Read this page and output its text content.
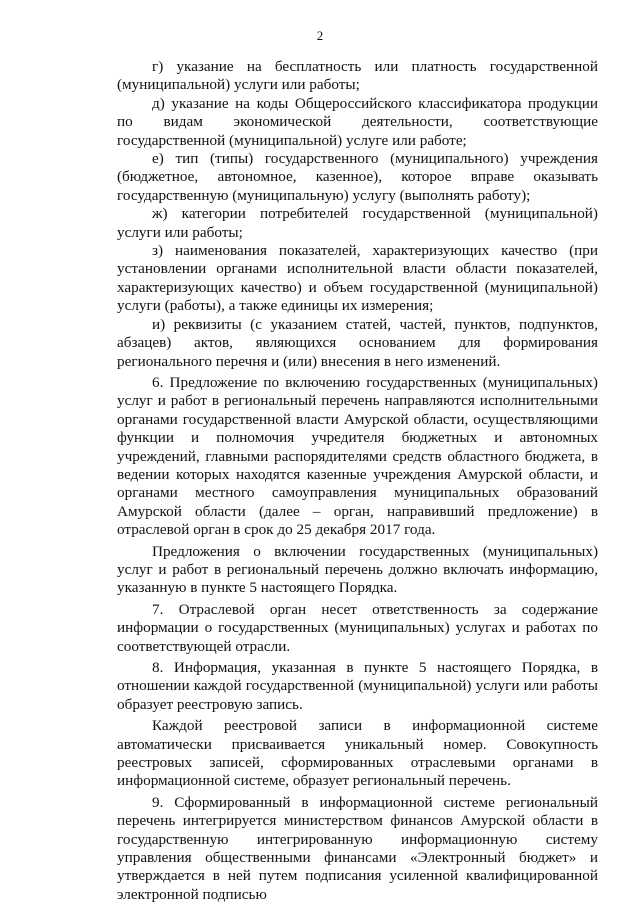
2

г) указание на бесплатность или платность государственной (муниципальной) услуги или работы;

д) указание на коды Общероссийского классификатора продукции по видам экономической деятельности, соответствующие государственной (муниципальной) услуге или работе;

е) тип (типы) государственного (муниципального) учреждения (бюджетное, автономное, казенное), которое вправе оказывать государственную (муниципальную) услугу (выполнять работу);

ж) категории потребителей государственной (муниципальной) услуги или работы;

з) наименования показателей, характеризующих качество (при установлении органами исполнительной власти области показателей, характеризующих качество) и объем государственной (муниципальной) услуги (работы), а также единицы их измерения;

и) реквизиты (с указанием статей, частей, пунктов, подпунктов, абзацев) актов, являющихся основанием для формирования регионального перечня и (или) внесения в него изменений.

6. Предложение по включению государственных (муниципальных) услуг и работ в региональный перечень направляются исполнительными органами государственной власти Амурской области, осуществляющими функции и полномочия учредителя бюджетных и автономных учреждений, главными распорядителями средств областного бюджета, в ведении которых находятся казенные учреждения Амурской области, и органами местного самоуправления муниципальных образований Амурской области (далее – орган, направивший предложение) в отраслевой орган в срок до 25 декабря 2017 года.

Предложения о включении государственных (муниципальных) услуг и работ в региональный перечень должно включать информацию, указанную в пункте 5 настоящего Порядка.

7. Отраслевой орган несет ответственность за содержание информации о государственных (муниципальных) услугах и работах по соответствующей отрасли.

8. Информация, указанная в пункте 5 настоящего Порядка, в отношении каждой государственной (муниципальной) услуги или работы образует реестровую запись.

Каждой реестровой записи в информационной системе автоматически присваивается уникальный номер. Совокупность реестровых записей, сформированных отраслевыми органами в информационной системе, образует региональный перечень.

9. Сформированный в информационной системе региональный перечень интегрируется министерством финансов Амурской области в государственную интегрированную информационную систему управления общественными финансами «Электронный бюджет» и утверждается в ней путем подписания усиленной квалифицированной электронной подписью
